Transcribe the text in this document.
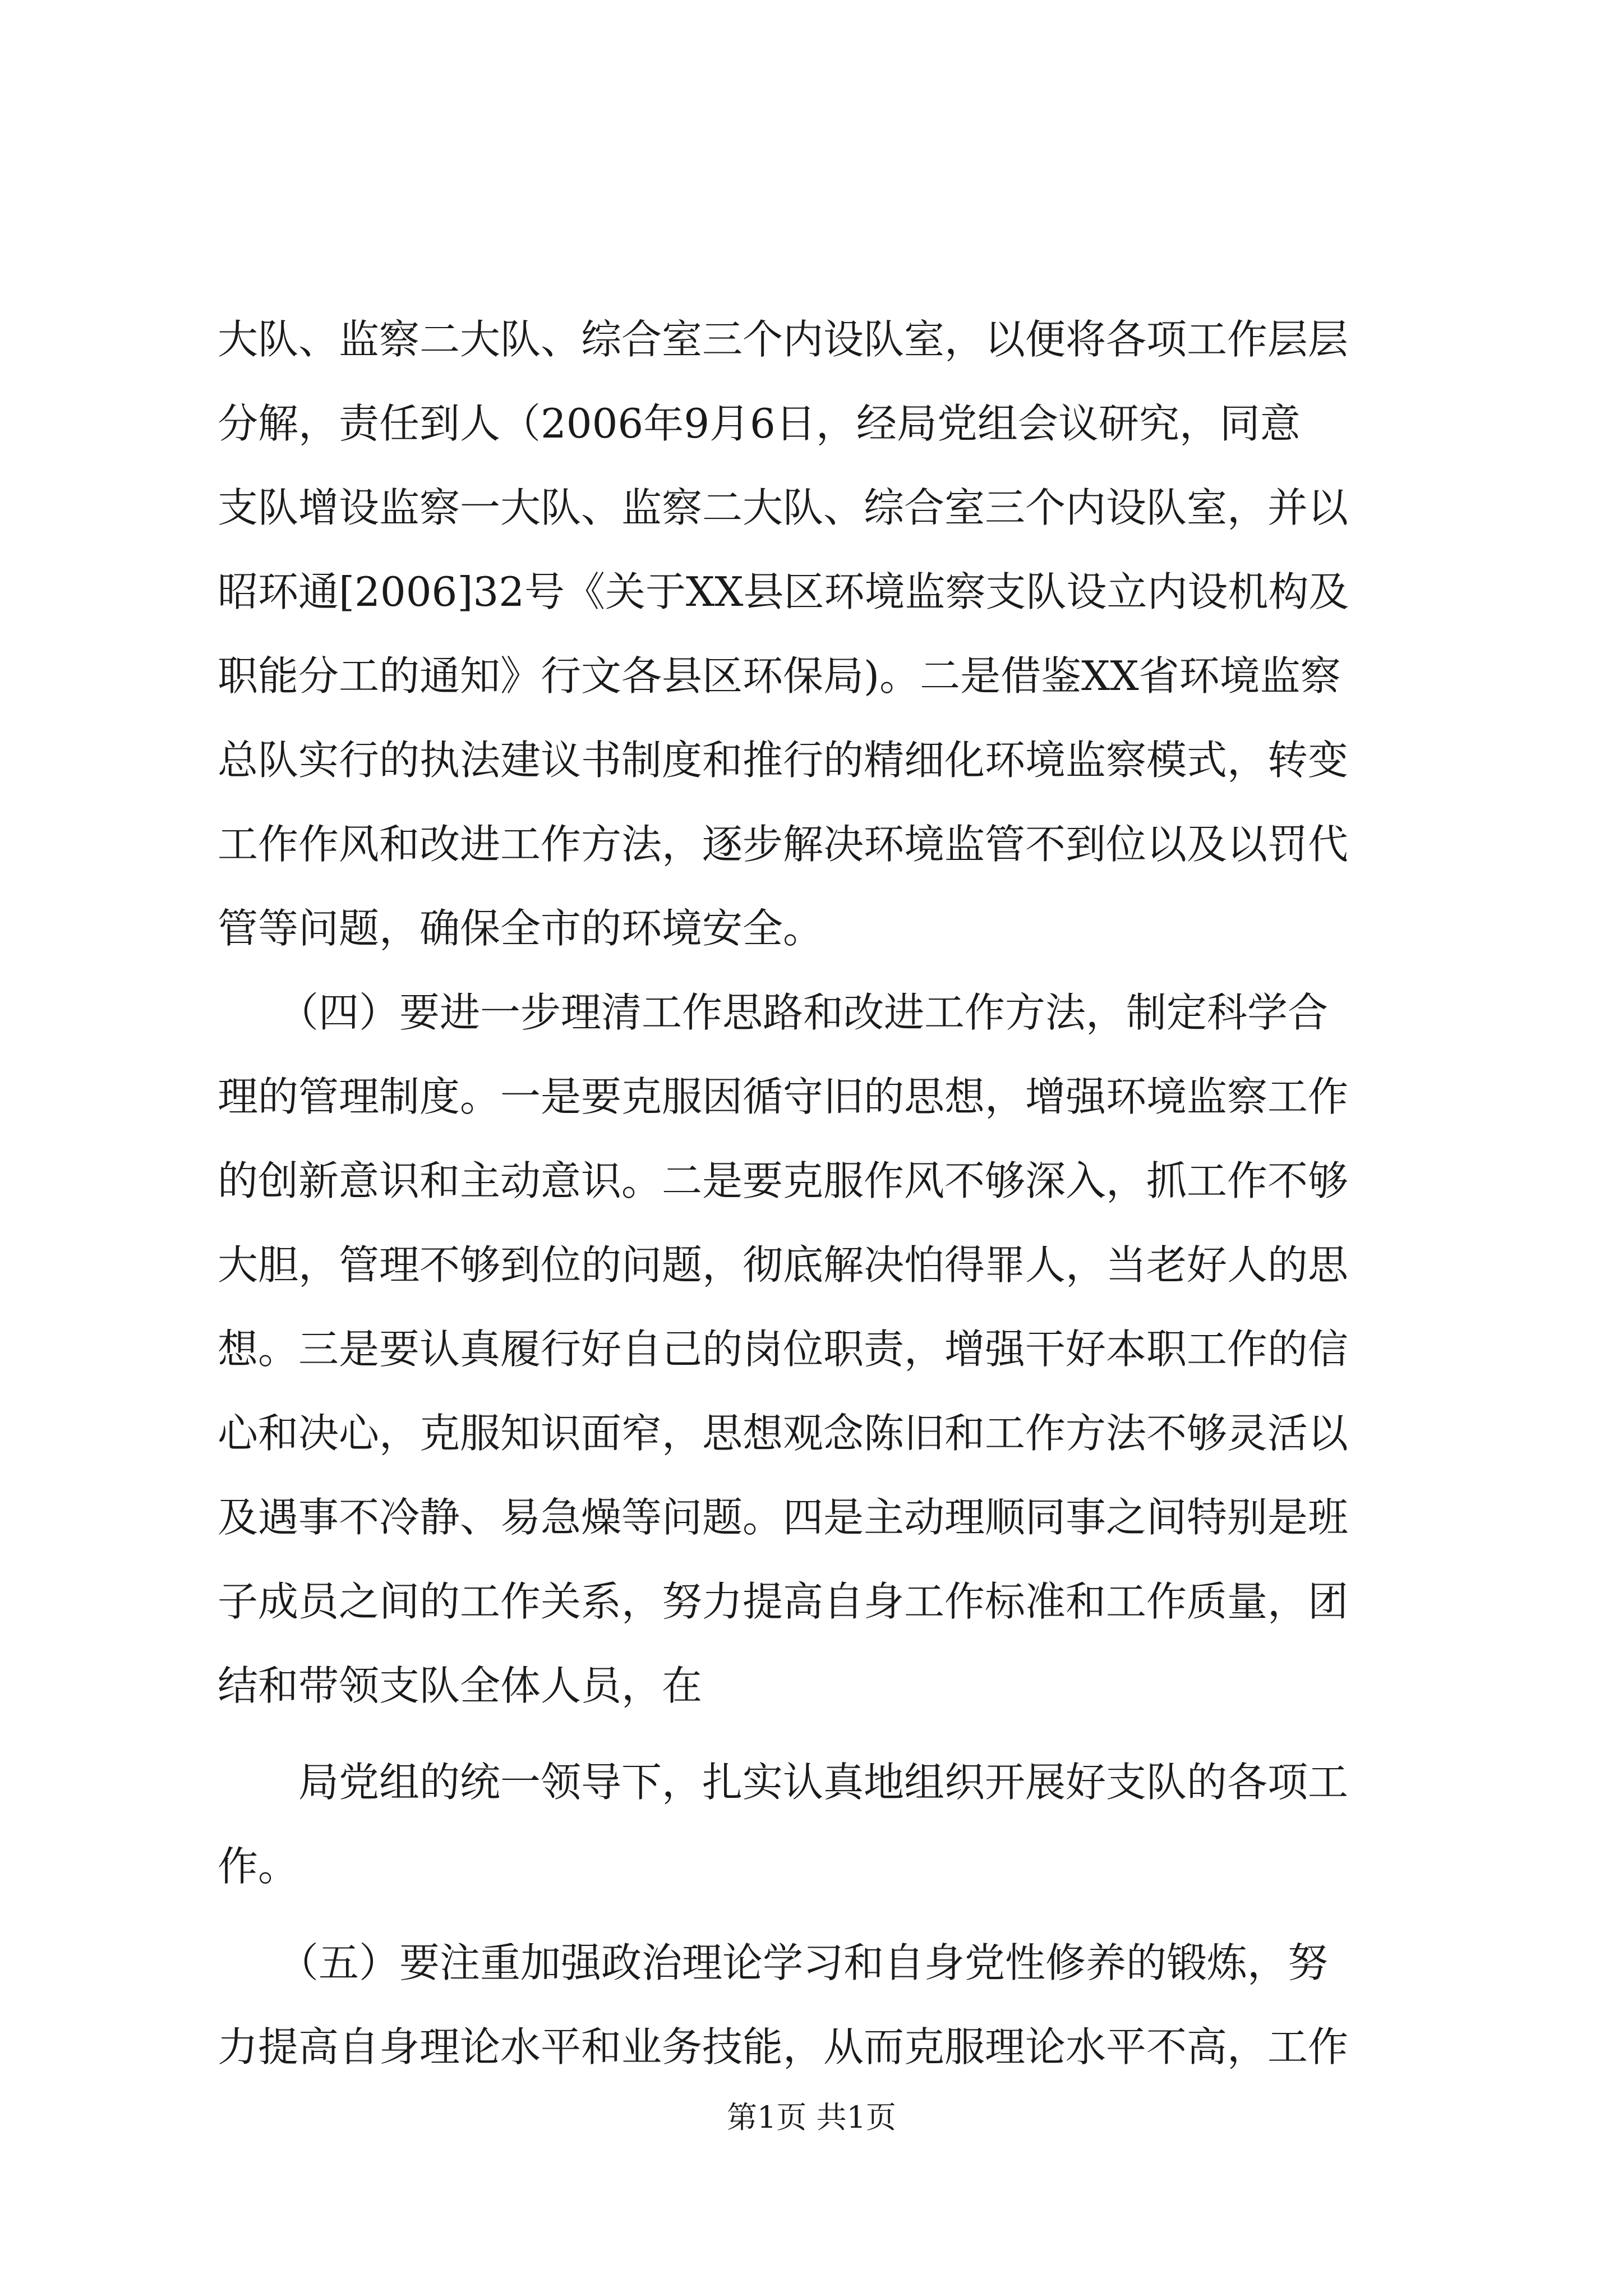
大队、监察二大队、综合室三个内设队室，以便将各项工作层层
分解，责任到人（2006年9月6日，经局党组会议研究，同意
支队增设监察一大队、监察二大队、综合室三个内设队室，并以
昭环通[2006]32号《关于XX县区环境监察支队设立内设机构及
职能分工的通知》行文各县区环保局)。二是借鉴XX省环境监察
总队实行的执法建议书制度和推行的精细化环境监察模式，转变
工作作风和改进工作方法，逐步解决环境监管不到位以及以罚代
管等问题，确保全市的环境安全。
（四）要进一步理清工作思路和改进工作方法，制定科学合
理的管理制度。一是要克服因循守旧的思想，增强环境监察工作
的创新意识和主动意识。二是要克服作风不够深入，抓工作不够
大胆，管理不够到位的问题，彻底解决怕得罪人，当老好人的思
想。三是要认真履行好自己的岗位职责，增强干好本职工作的信
心和决心，克服知识面窄，思想观念陈旧和工作方法不够灵活以
及遇事不冷静、易急燥等问题。四是主动理顺同事之间特别是班
子成员之间的工作关系，努力提高自身工作标准和工作质量，团
结和带领支队全体人员，在
局党组的统一领导下，扎实认真地组织开展好支队的各项工
作。
（五）要注重加强政治理论学习和自身党性修养的锻炼，努
力提高自身理论水平和业务技能，从而克服理论水平不高，工作
第1页 共1页
